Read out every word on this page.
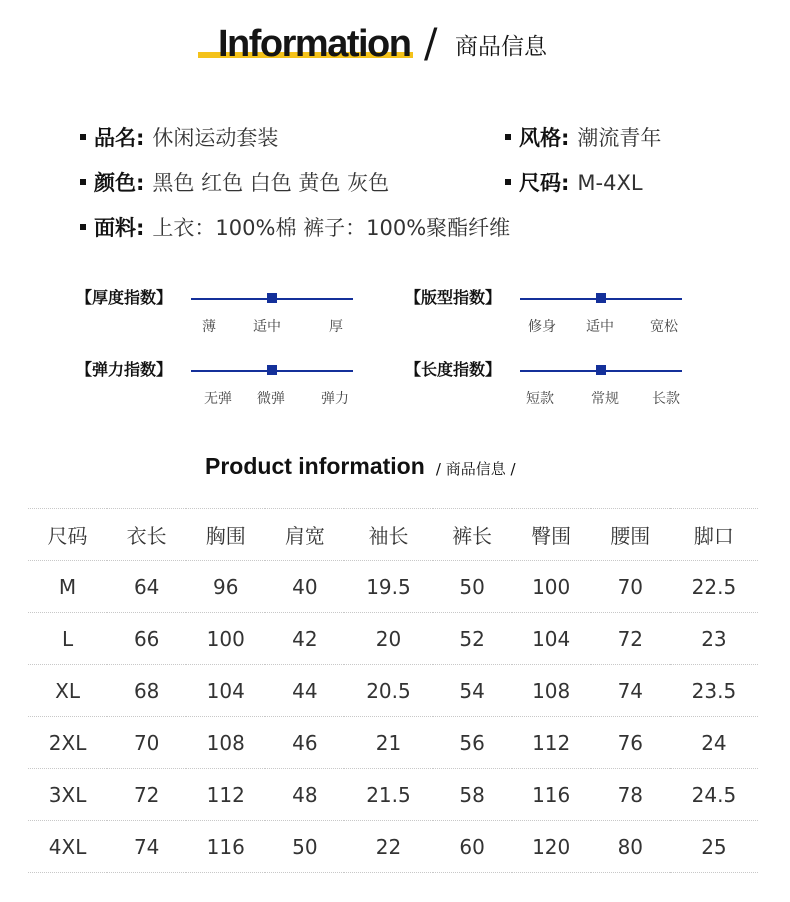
Information / 商品信息
品名: 休闲运动套装	风格: 潮流青年
颜色: 黑色 红色 白色 黄色 灰色	尺码: M-4XL
面料: 上衣：100%棉 裤子：100%聚酯纤维
【厚度指数】
薄	适中	厚
【版型指数】
修身 适中	宽松
【弹力指数】
无弹 微弹	弹力
【长度指数】
短款	常规 长款
Product information / 商品信息 /
尺码	衣长	胸围	肩宽	袖长	裤长	臀围	腰围	脚口
M	64	96	40	19.5	50	100	70	22.5
L	66	100	42	20	52	104	72	23
XL	68	104	44	20.5	54	108	74	23.5
2XL	70	108	46	21	56	112	76	24
3XL	72	112	48	21.5	58	116	78	24.5
4XL	74	116	50	22	60	120	80	25
